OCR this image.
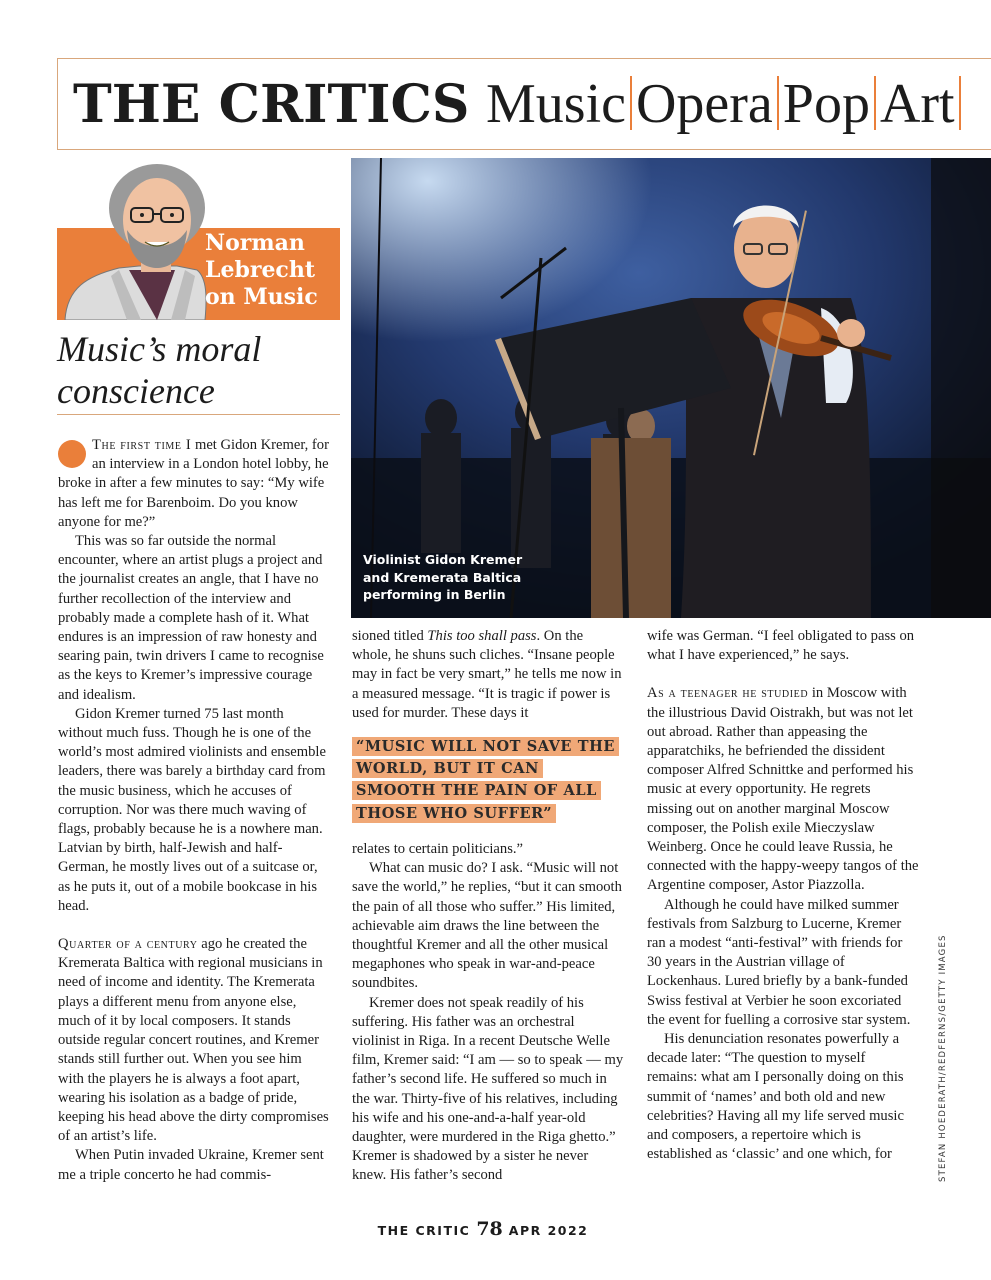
THE CRITICS Music Opera Pop Art
Norman
Lebrecht
on Music
Music’s moral
conscience
Violinist Gidon Kremer
and Kremerata Baltica
performing in Berlin

The first time I met Gidon Kremer, for an interview in a London hotel lobby, he broke in after a few minutes to say: “My wife has left me for Barenboim. Do you know anyone for me?”

This was so far outside the normal encounter, where an artist plugs a project and the journalist creates an angle, that I have no further recollection of the interview and probably made a complete hash of it. What endures is an impression of raw honesty and searing pain, twin drivers I came to recognise as the keys to Kremer’s impressive courage and idealism.

Gidon Kremer turned 75 last month without much fuss. Though he is one of the world’s most admired violinists and ensemble leaders, there was barely a birthday card from the music business, which he accuses of corruption. Nor was there much waving of flags, probably because he is a nowhere man. Latvian by birth, half-Jewish and half-German, he mostly lives out of a suitcase or, as he puts it, out of a mobile bookcase in his head.

Quarter of a century ago he created the Kremerata Baltica with regional musicians in need of income and identity. The Kremerata plays a different menu from anyone else, much of it by local composers. It stands outside regular concert routines, and Kremer stands still further out. When you see him with the players he is always a foot apart, wearing his isolation as a badge of pride, keeping his head above the dirty compromises of an artist’s life.

When Putin invaded Ukraine, Kremer sent me a triple concerto he had commis-

sioned titled This too shall pass. On the whole, he shuns such cliches. “Insane people may in fact be very smart,” he tells me now in a measured message. “It is tragic if power is used for murder. These days it

“MUSIC WILL NOT SAVE THE WORLD, BUT IT CAN SMOOTH THE PAIN OF ALL THOSE WHO SUFFER”

relates to certain politicians.”

What can music do? I ask. “Music will not save the world,” he replies, “but it can smooth the pain of all those who suffer.” His limited, achievable aim draws the line between the thoughtful Kremer and all the other musical megaphones who speak in war-and-peace soundbites.

Kremer does not speak readily of his suffering. His father was an orchestral violinist in Riga. In a recent Deutsche Welle film, Kremer said: “I am — so to speak — my father’s second life. He suffered so much in the war. Thirty-five of his relatives, including his wife and his one-and-a-half year-old daughter, were murdered in the Riga ghetto.” Kremer is shadowed by a sister he never knew. His father’s second

wife was German. “I feel obligated to pass on what I have experienced,” he says.

As a teenager he studied in Moscow with the illustrious David Oistrakh, but was not let out abroad. Rather than appeasing the apparatchiks, he befriended the dissident composer Alfred Schnittke and performed his music at every opportunity. He regrets missing out on another marginal Moscow composer, the Polish exile Mieczyslaw Weinberg. Once he could leave Russia, he connected with the happy-weepy tangos of the Argentine composer, Astor Piazzolla.

Although he could have milked summer festivals from Salzburg to Lucerne, Kremer ran a modest “anti-festival” with friends for 30 years in the Austrian village of Lockenhaus. Lured briefly by a bank-funded Swiss festival at Verbier he soon excoriated the event for fuelling a corrosive star system.

His denunciation resonates powerfully a decade later: “The question to myself remains: what am I personally doing on this summit of ‘names’ and both old and new celebrities? Having all my life served music and composers, a repertoire which is established as ‘classic’ and one which, for	STEFAN HOEDERATH/REDFERNS/GETTY IMAGES
THE CRITIC 78 APR 2022
